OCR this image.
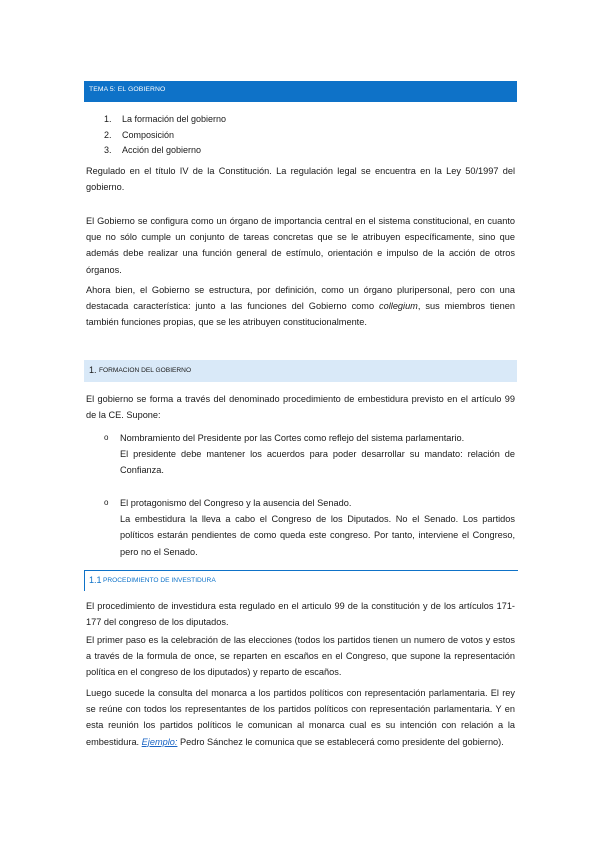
TEMA 5: EL GOBIERNO
1. La formación del gobierno
2. Composición
3. Acción del gobierno

Regulado en el título IV de la Constitución. La regulación legal se encuentra en la Ley 50/1997 del gobierno.

El Gobierno se configura como un órgano de importancia central en el sistema constitucional, en cuanto que no sólo cumple un conjunto de tareas concretas que se le atribuyen específicamente, sino que además debe realizar una función general de estímulo, orientación e impulso de la acción de otros órganos.

Ahora bien, el Gobierno se estructura, por definición, como un órgano pluripersonal, pero con una destacada característica: junto a las funciones del Gobierno como collegium, sus miembros tienen también funciones propias, que se les atribuyen constitucionalmente.

1. FORMACION DEL GOBIERNO

El gobierno se forma a través del denominado procedimiento de embestidura previsto en el artículo 99 de la CE. Supone:

o Nombramiento del Presidente por las Cortes como reflejo del sistema parlamentario.
El presidente debe mantener los acuerdos para poder desarrollar su mandato: relación de Confianza.
o El protagonismo del Congreso y la ausencia del Senado.
La embestidura la lleva a cabo el Congreso de los Diputados. No el Senado. Los partidos políticos estarán pendientes de como queda este congreso. Por tanto, interviene el Congreso, pero no el Senado.
1.1 PROCEDIMIENTO DE INVESTIDURA

El procedimiento de investidura esta regulado en el articulo 99 de la constitución y de los artículos 171-177 del congreso de los diputados.

El primer paso es la celebración de las elecciones (todos los partidos tienen un numero de votos y estos a través de la formula de once, se reparten en escaños en el Congreso, que supone la representación política en el congreso de los diputados) y reparto de escaños.

Luego sucede la consulta del monarca a los partidos políticos con representación parlamentaria. El rey se reúne con todos los representantes de los partidos políticos con representación parlamentaria. Y en esta reunión los partidos políticos le comunican al monarca cual es su intención con relación a la embestidura. Ejemplo: Pedro Sánchez le comunica que se establecerá como presidente del gobierno).
